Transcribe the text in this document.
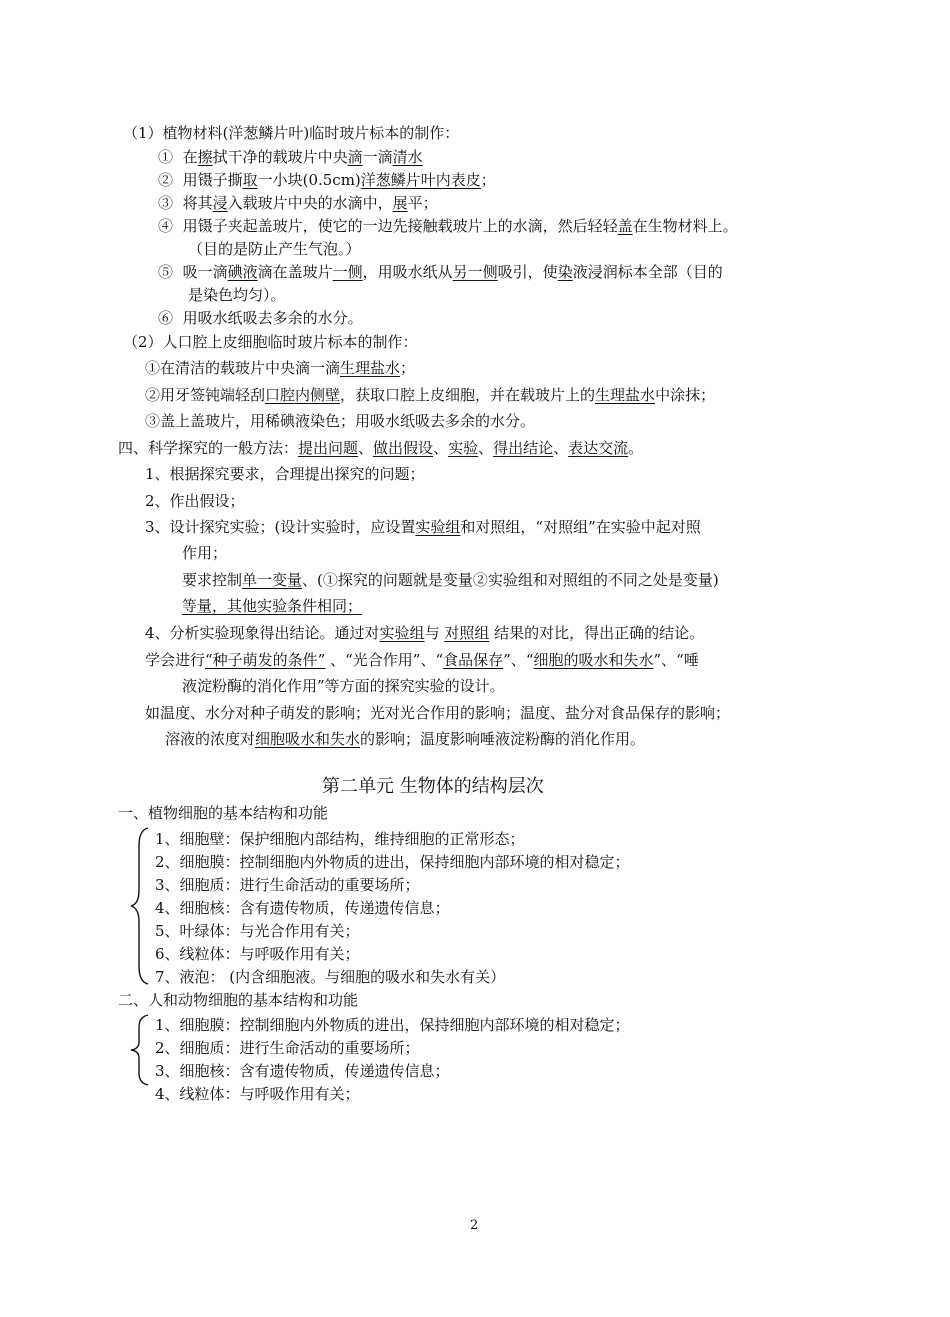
（1）植物材料(洋葱鳞片叶)临时玻片标本的制作：
① 在擦拭干净的载玻片中央滴一滴清水
② 用镊子撕取一小块(0.5cm)洋葱鳞片叶内表皮；
③ 将其浸入载玻片中央的水滴中，展平；
④ 用镊子夹起盖玻片，使它的一边先接触载玻片上的水滴，然后轻轻盖在生物材料上。
（目的是防止产生气泡。）
⑤ 吸一滴碘液滴在盖玻片一侧，用吸水纸从另一侧吸引，使染液浸润标本全部（目的
是染色均匀）。
⑥ 用吸水纸吸去多余的水分。
（2）人口腔上皮细胞临时玻片标本的制作：
①在清洁的载玻片中央滴一滴生理盐水；
②用牙签钝端轻刮口腔内侧壁，获取口腔上皮细胞，并在载玻片上的生理盐水中涂抹；
③盖上盖玻片，用稀碘液染色；用吸水纸吸去多余的水分。
四、科学探究的一般方法：提出问题、做出假设、实验、得出结论、表达交流。
1、根据探究要求，合理提出探究的问题；
2、作出假设；
3、设计探究实验；(设计实验时，应设置实验组和对照组，“对照组”在实验中起对照
作用；
要求控制单一变量、(①探究的问题就是变量②实验组和对照组的不同之处是变量)
等量，其他实验条件相同；
4、分析实验现象得出结论。通过对实验组与 对照组 结果的对比，得出正确的结论。
学会进行“种子萌发的条件” 、“光合作用”、“食品保存”、“细胞的吸水和失水”、“唾
液淀粉酶的消化作用”等方面的探究实验的设计。
如温度、水分对种子萌发的影响；光对光合作用的影响；温度、盐分对食品保存的影响；
溶液的浓度对细胞吸水和失水的影响；温度影响唾液淀粉酶的消化作用。
第二单元 生物体的结构层次
一、植物细胞的基本结构和功能
1、细胞壁：保护细胞内部结构，维持细胞的正常形态；
2、细胞膜：控制细胞内外物质的进出，保持细胞内部环境的相对稳定；
3、细胞质：进行生命活动的重要场所；
4、细胞核：含有遗传物质，传递遗传信息；
5、叶绿体：与光合作用有关；
6、线粒体：与呼吸作用有关；
7、液泡： (内含细胞液。与细胞的吸水和失水有关）
二、人和动物细胞的基本结构和功能
1、细胞膜：控制细胞内外物质的进出，保持细胞内部环境的相对稳定；
2、细胞质：进行生命活动的重要场所；
3、细胞核：含有遗传物质，传递遗传信息；
4、线粒体：与呼吸作用有关；
2
